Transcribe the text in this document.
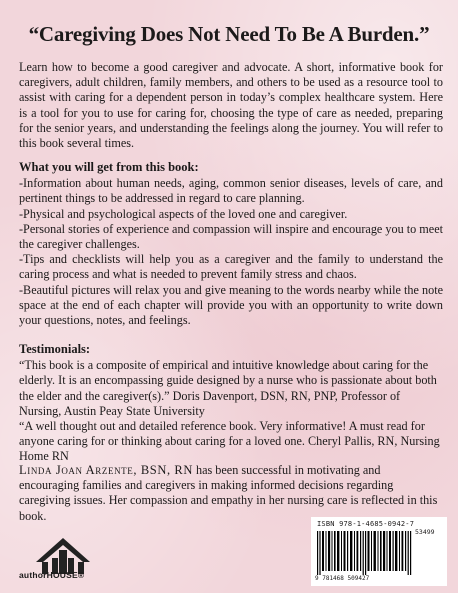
“Caregiving Does Not Need To Be A Burden.”
Learn how to become a good caregiver and advocate. A short, informative book for caregivers, adult children, family members, and others to be used as a resource tool to assist with caring for a dependent person in today’s complex healthcare system. Here is a tool for you to use for caring for, choosing the type of care as needed, preparing for the senior years, and understanding the feelings along the journey. You will refer to this book several times.
What you will get from this book:
-Information about human needs, aging, common senior diseases, levels of care, and pertinent things to be addressed in regard to care planning.
-Physical and psychological aspects of the loved one and caregiver.
-Personal stories of experience and compassion will inspire and encourage you to meet the caregiver challenges.
-Tips and checklists will help you as a caregiver and the family to understand the caring process and what is needed to prevent family stress and chaos.
-Beautiful pictures will relax you and give meaning to the words nearby while the note space at the end of each chapter will provide you with an opportunity to write down your questions, notes, and feelings.
Testimonials:
“This book is a composite of empirical and intuitive knowledge about caring for the elderly. It is an encompassing guide designed by a nurse who is passionate about both the elder and the caregiver(s).” Doris Davenport, DSN, RN, PNP, Professor of Nursing, Austin Peay State University
“A well thought out and detailed reference book. Very informative! A must read for anyone caring for or thinking about caring for a loved one. Cheryl Pallis, RN, Nursing Home RN
Linda Joan Arzente, BSN, RN has been successful in motivating and encouraging families and caregivers in making informed decisions regarding caregiving issues. Her compassion and empathy in her nursing care is reflected in this book.
authorHOUSE®
ISBN 978-1-4685-0942-7
53499
9 781468 509427
